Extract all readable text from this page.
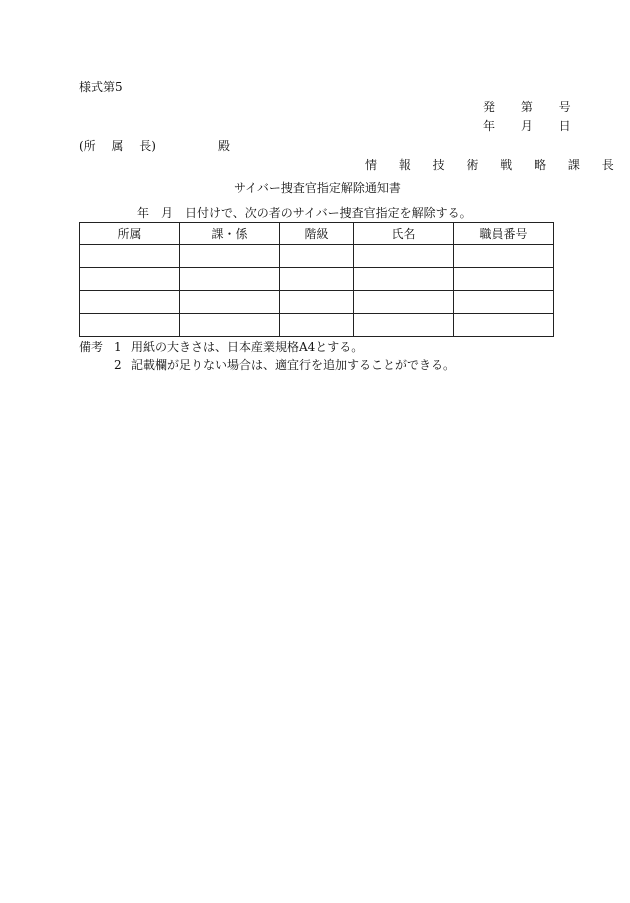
様式第5
発 第 号
年 月 日
(所　 属　 長)	殿
情 報 技 術 戦 略 課 長
サイバー捜査官指定解除通知書
年　月　日付けで、次の者のサイバー捜査官指定を解除する。
所属	課・係	階級	氏名	職員番号

備考 1 用紙の大きさは、日本産業規格A4とする。
2 記載欄が足りない場合は、適宜行を追加することができる。
